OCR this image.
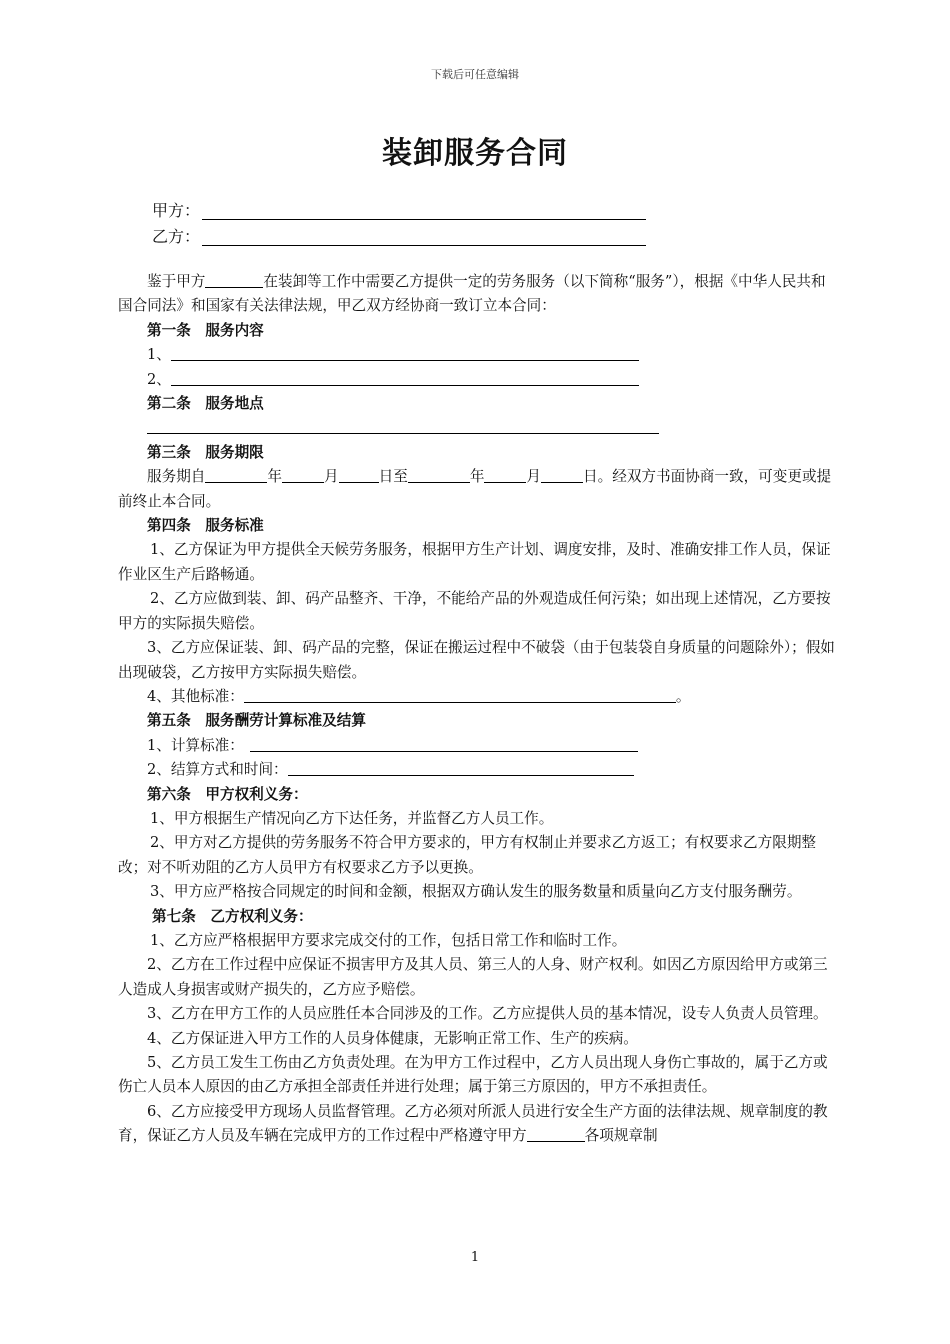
下载后可任意编辑
装卸服务合同
甲方：
乙方：

鉴于甲方	在装卸等工作中需要乙方提供一定的劳务服务（以下简称“服务”），根据《中华人民共和国合同法》和国家有关法律法规，甲乙双方经协商一致订立本合同：

第一条　服务内容

1、

2、

第二条　服务地点

第三条　服务期限

服务期自	年	月	日至	年	月	日。经双方书面协商一致，可变更或提前终止本合同。

第四条　服务标准

1、乙方保证为甲方提供全天候劳务服务，根据甲方生产计划、调度安排，及时、准确安排工作人员，保证作业区生产后路畅通。

2、乙方应做到装、卸、码产品整齐、干净，不能给产品的外观造成任何污染；如出现上述情况，乙方要按甲方的实际损失赔偿。

3、乙方应保证装、卸、码产品的完整，保证在搬运过程中不破袋（由于包装袋自身质量的问题除外）；假如出现破袋，乙方按甲方实际损失赔偿。

4、其他标准：	。

第五条　服务酬劳计算标准及结算

1、计算标准：

2、结算方式和时间：

第六条　甲方权利义务：

1、甲方根据生产情况向乙方下达任务，并监督乙方人员工作。

2、甲方对乙方提供的劳务服务不符合甲方要求的，甲方有权制止并要求乙方返工；有权要求乙方限期整改；对不听劝阻的乙方人员甲方有权要求乙方予以更换。

3、甲方应严格按合同规定的时间和金额，根据双方确认发生的服务数量和质量向乙方支付服务酬劳。

第七条　乙方权利义务：

1、乙方应严格根据甲方要求完成交付的工作，包括日常工作和临时工作。

2、乙方在工作过程中应保证不损害甲方及其人员、第三人的人身、财产权利。如因乙方原因给甲方或第三人造成人身损害或财产损失的，乙方应予赔偿。

3、乙方在甲方工作的人员应胜任本合同涉及的工作。乙方应提供人员的基本情况，设专人负责人员管理。

4、乙方保证进入甲方工作的人员身体健康，无影响正常工作、生产的疾病。

5、乙方员工发生工伤由乙方负责处理。在为甲方工作过程中，乙方人员出现人身伤亡事故的，属于乙方或伤亡人员本人原因的由乙方承担全部责任并进行处理；属于第三方原因的，甲方不承担责任。

6、乙方应接受甲方现场人员监督管理。乙方必须对所派人员进行安全生产方面的法律法规、规章制度的教育，保证乙方人员及车辆在完成甲方的工作过程中严格遵守甲方	各项规章制

1
